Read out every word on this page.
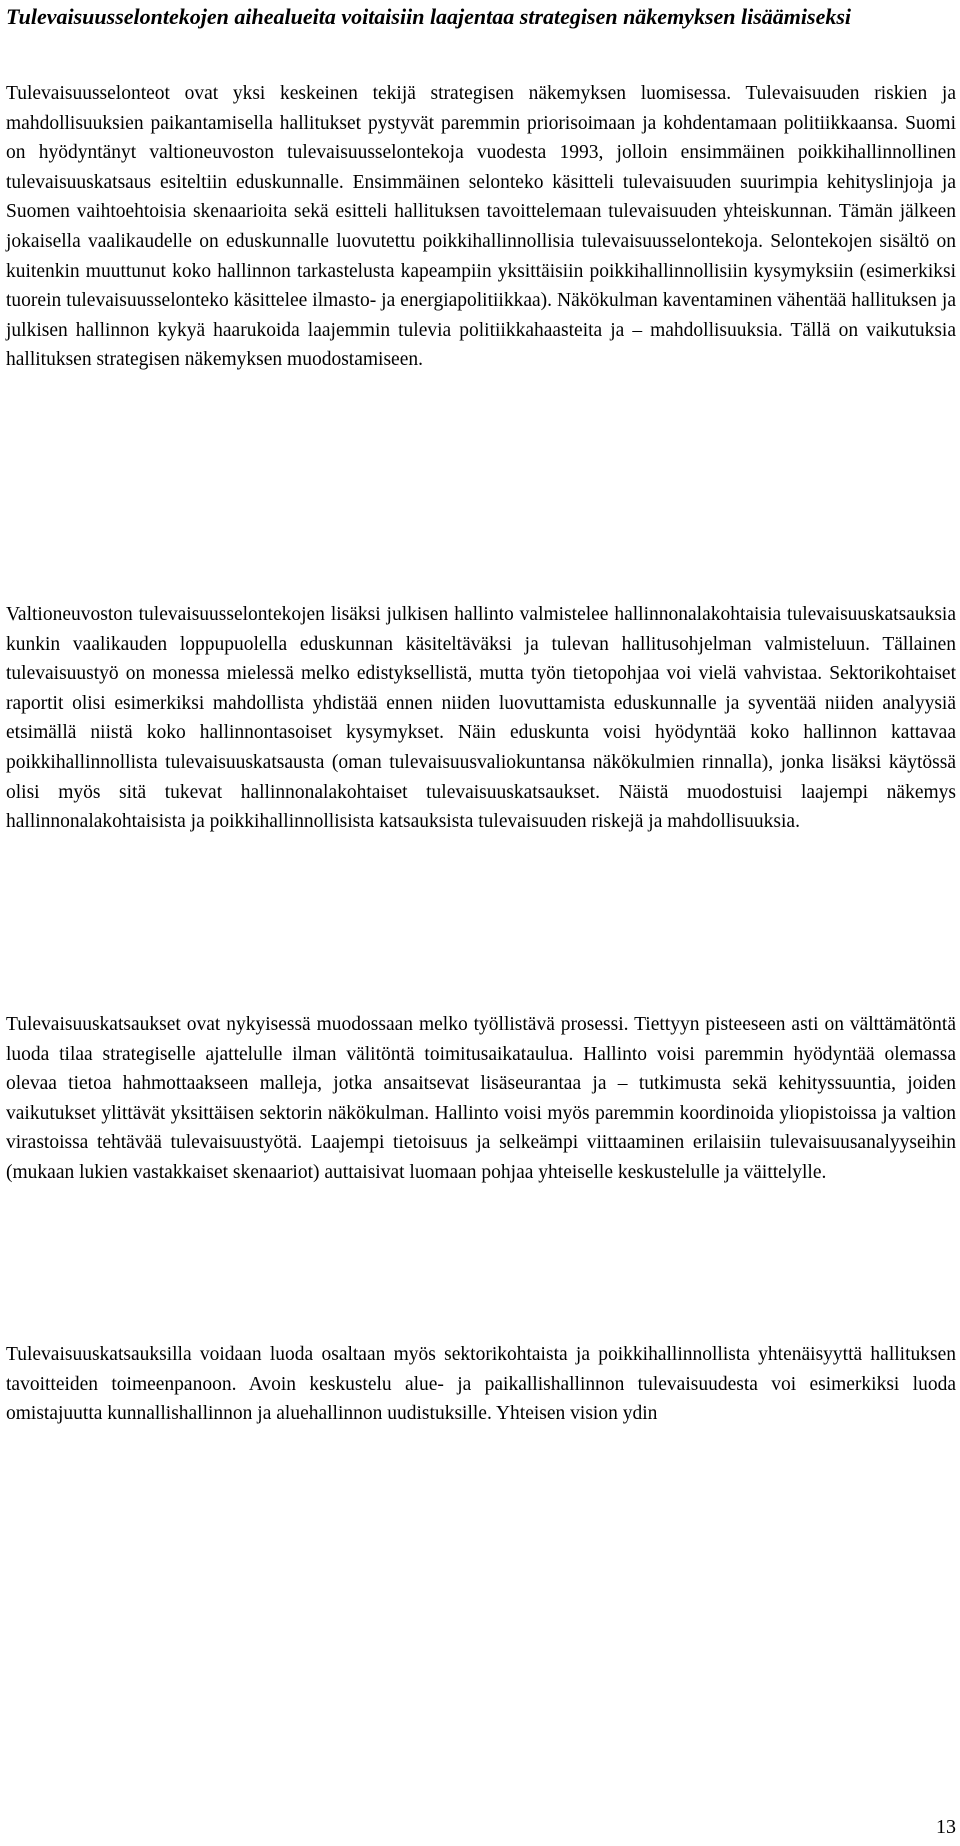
Tulevaisuusselontekojen aihealueita voitaisiin laajentaa strategisen näkemyksen lisäämiseksi

Tulevaisuusselonteot ovat yksi keskeinen tekijä strategisen näkemyksen luomisessa. Tulevaisuuden riskien ja mahdollisuuksien paikantamisella hallitukset pystyvät paremmin priorisoimaan ja kohdentamaan politiikkaansa. Suomi on hyödyntänyt valtioneuvoston tulevaisuusselontekoja vuodesta 1993, jolloin ensimmäinen poikkihallinnollinen tulevaisuuskatsaus esiteltiin eduskunnalle. Ensimmäinen selonteko käsitteli tulevaisuuden suurimpia kehityslinjoja ja Suomen vaihtoehtoisia skenaarioita sekä esitteli hallituksen tavoittelemaan tulevaisuuden yhteiskunnan. Tämän jälkeen jokaisella vaalikaudelle on eduskunnalle luovutettu poikkihallinnollisia tulevaisuusselontekoja. Selontekojen sisältö on kuitenkin muuttunut koko hallinnon tarkastelusta kapeampiin yksittäisiin poikkihallinnollisiin kysymyksiin (esimerkiksi tuorein tulevaisuusselonteko käsittelee ilmasto- ja energiapolitiikkaa). Näkökulman kaventaminen vähentää hallituksen ja julkisen hallinnon kykyä haarukoida laajemmin tulevia politiikkahaasteita ja – mahdollisuuksia. Tällä on vaikutuksia hallituksen strategisen näkemyksen muodostamiseen.

Valtioneuvoston tulevaisuusselontekojen lisäksi julkisen hallinto valmistelee hallinnonalakohtaisia tulevaisuuskatsauksia kunkin vaalikauden loppupuolella eduskunnan käsiteltäväksi ja tulevan hallitusohjelman valmisteluun. Tällainen tulevaisuustyö on monessa mielessä melko edistyksellistä, mutta työn tietopohjaa voi vielä vahvistaa. Sektorikohtaiset raportit olisi esimerkiksi mahdollista yhdistää ennen niiden luovuttamista eduskunnalle ja syventää niiden analyysiä etsimällä niistä koko hallinnontasoiset kysymykset. Näin eduskunta voisi hyödyntää koko hallinnon kattavaa poikkihallinnollista tulevaisuuskatsausta (oman tulevaisuusvaliokuntansa näkökulmien rinnalla), jonka lisäksi käytössä olisi myös sitä tukevat hallinnonalakohtaiset tulevaisuuskatsaukset. Näistä muodostuisi laajempi näkemys hallinnonalakohtaisista ja poikkihallinnollisista katsauksista tulevaisuuden riskejä ja mahdollisuuksia.

Tulevaisuuskatsaukset ovat nykyisessä muodossaan melko työllistävä prosessi. Tiettyyn pisteeseen asti on välttämätöntä luoda tilaa strategiselle ajattelulle ilman välitöntä toimitusaikataulua. Hallinto voisi paremmin hyödyntää olemassa olevaa tietoa hahmottaakseen malleja, jotka ansaitsevat lisäseurantaa ja – tutkimusta sekä kehityssuuntia, joiden vaikutukset ylittävät yksittäisen sektorin näkökulman. Hallinto voisi myös paremmin koordinoida yliopistoissa ja valtion virastoissa tehtävää tulevaisuustyötä. Laajempi tietoisuus ja selkeämpi viittaaminen erilaisiin tulevaisuusanalyyseihin (mukaan lukien vastakkaiset skenaariot) auttaisivat luomaan pohjaa yhteiselle keskustelulle ja väittelylle.

Tulevaisuuskatsauksilla voidaan luoda osaltaan myös sektorikohtaista ja poikkihallinnollista yhtenäisyyttä hallituksen tavoitteiden toimeenpanoon. Avoin keskustelu alue- ja paikallishallinnon tulevaisuudesta voi esimerkiksi luoda omistajuutta kunnallishallinnon ja aluehallinnon uudistuksille. Yhteisen vision ydin

13
